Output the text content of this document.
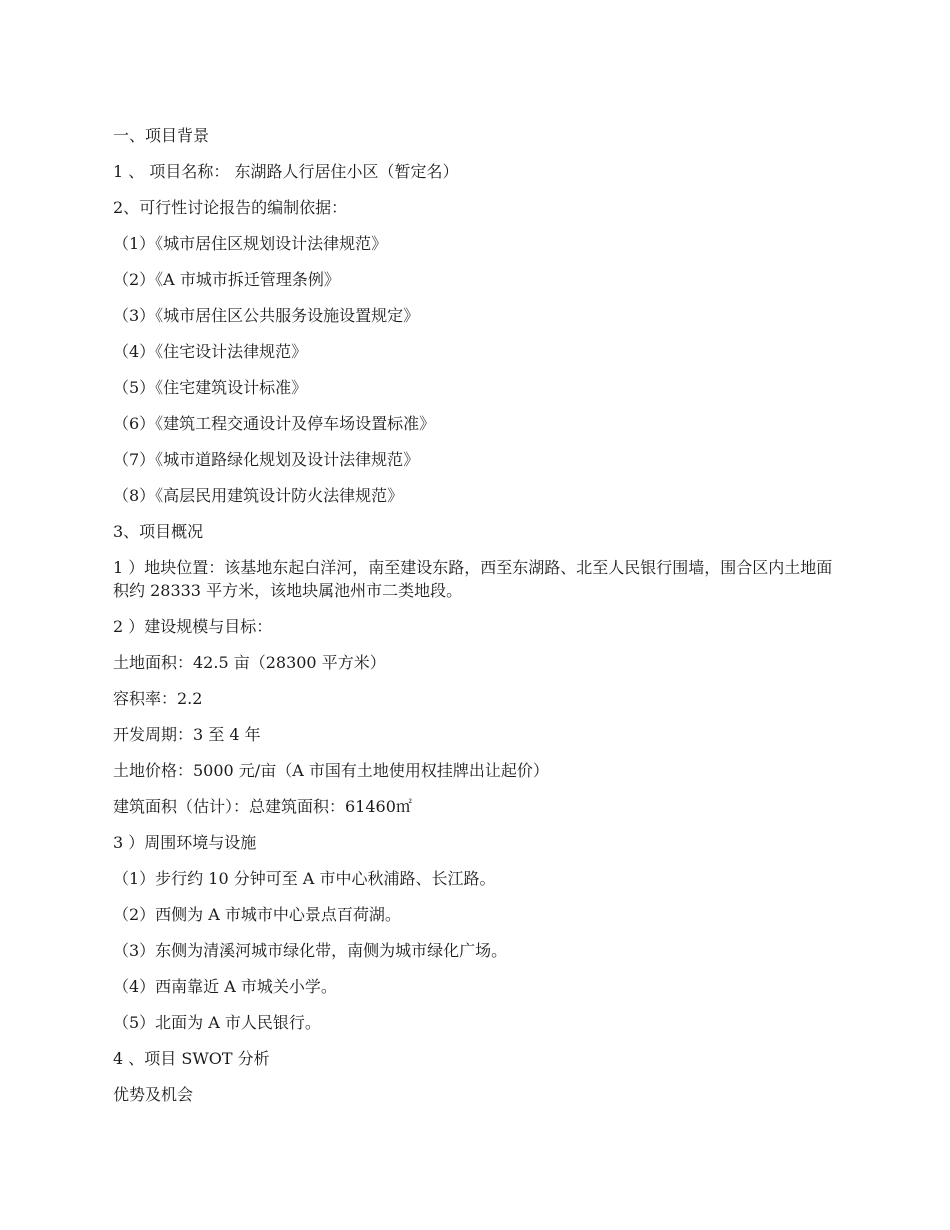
一、项目背景
1 、 项目名称： 东湖路人行居住小区（暂定名）
2、可行性讨论报告的编制依据：
（1）《城市居住区规划设计法律规范》
（2）《A 市城市拆迁管理条例》
（3）《城市居住区公共服务设施设置规定》
（4）《住宅设计法律规范》
（5）《住宅建筑设计标准》
（6）《建筑工程交通设计及停车场设置标准》
（7）《城市道路绿化规划及设计法律规范》
（8）《高层民用建筑设计防火法律规范》
3、项目概况
1 ）地块位置：该基地东起白洋河，南至建设东路，西至东湖路、北至人民银行围墙，围合区内土地面积约 28333 平方米，该地块属池州市二类地段。
2 ）建设规模与目标：
土地面积：42.5 亩（28300 平方米）
容积率：2.2
开发周期：3 至 4 年
土地价格：5000 元/亩（A 市国有土地使用权挂牌出让起价）
建筑面积（估计）：总建筑面积：61460㎡
3 ）周围环境与设施
（1）步行约 10 分钟可至 A 市中心秋浦路、长江路。
（2）西侧为 A 市城市中心景点百荷湖。
（3）东侧为清溪河城市绿化带，南侧为城市绿化广场。
（4）西南靠近 A 市城关小学。
（5）北面为 A 市人民银行。
4 、项目 SWOT 分析
优势及机会
